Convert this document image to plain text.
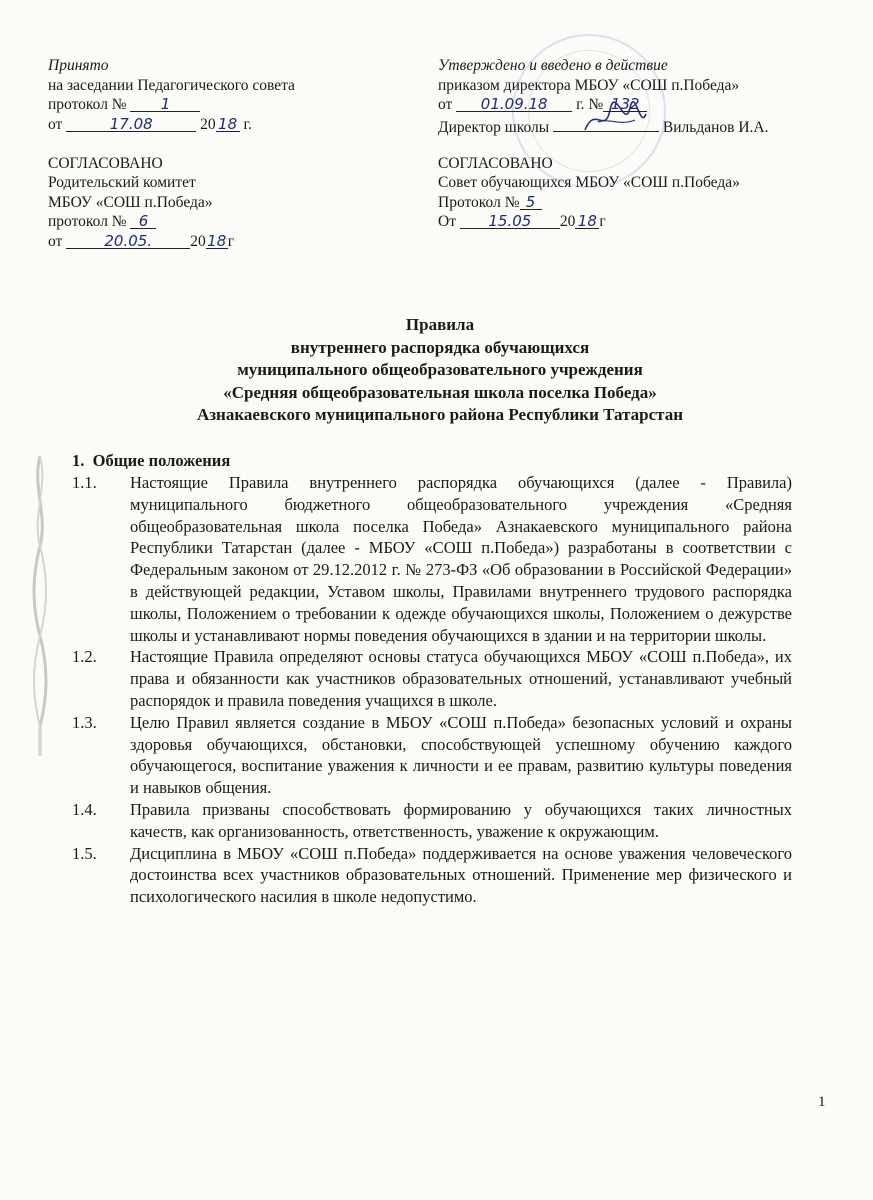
Принято
на заседании Педагогического совета
протокол № 1
от	17.08	20 18 г.
СОГЛАСОВАНО
Родительский комитет
МБОУ «СОШ п.Победа»
протокол № 6
от	20.05. 2018г
Утверждено и введено в действие
приказом директора МБОУ «СОШ п.Победа»
от 01.09.18 г. № 132
Директор школы	Вильданов И.А.
СОГЛАСОВАНО
Совет обучающихся МБОУ «СОШ п.Победа»
Протокол № 5
От 15.05 20 18 г
Правила
внутреннего распорядка обучающихся
муниципального общеобразовательного учреждения
«Средняя общеобразовательная школа поселка Победа»
Азнакаевского муниципального района Республики Татарстан
1. Общие положения
1.1. Настоящие Правила внутреннего распорядка обучающихся (далее - Правила) муниципального бюджетного общеобразовательного учреждения «Средняя общеобразовательная школа поселка Победа» Азнакаевского муниципального района Республики Татарстан (далее - МБОУ «СОШ п.Победа») разработаны в соответствии с Федеральным законом от 29.12.2012 г. № 273-ФЗ «Об образовании в Российской Федерации» в действующей редакции, Уставом школы, Правилами внутреннего трудового распорядка школы, Положением о требовании к одежде обучающихся школы, Положением о дежурстве школы и устанавливают нормы поведения обучающихся в здании и на территории школы.
1.2. Настоящие Правила определяют основы статуса обучающихся МБОУ «СОШ п.Победа», их права и обязанности как участников образовательных отношений, устанавливают учебный распорядок и правила поведения учащихся в школе.
1.3. Целю Правил является создание в МБОУ «СОШ п.Победа» безопасных условий и охраны здоровья обучающихся, обстановки, способствующей успешному обучению каждого обучающегося, воспитание уважения к личности и ее правам, развитию культуры поведения и навыков общения.
1.4. Правила призваны способствовать формированию у обучающихся таких личностных качеств, как организованность, ответственность, уважение к окружающим.
1.5. Дисциплина в МБОУ «СОШ п.Победа» поддерживается на основе уважения человеческого достоинства всех участников образовательных отношений. Применение мер физического и психологического насилия в школе недопустимо.
1
